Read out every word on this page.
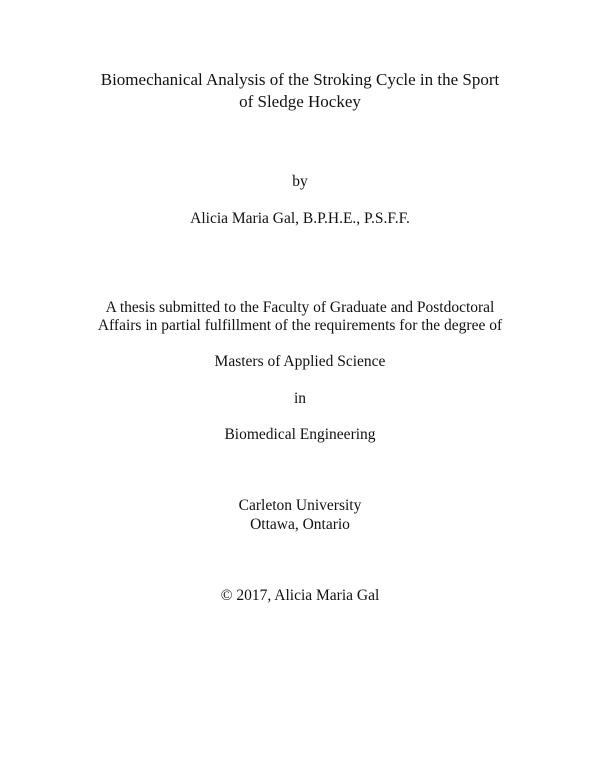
Biomechanical Analysis of the Stroking Cycle in the Sport
of Sledge Hockey
by
Alicia Maria Gal, B.P.H.E., P.S.F.F.
A thesis submitted to the Faculty of Graduate and Postdoctoral
Affairs in partial fulfillment of the requirements for the degree of
Masters of Applied Science
in
Biomedical Engineering
Carleton University
Ottawa, Ontario
© 2017, Alicia Maria Gal
